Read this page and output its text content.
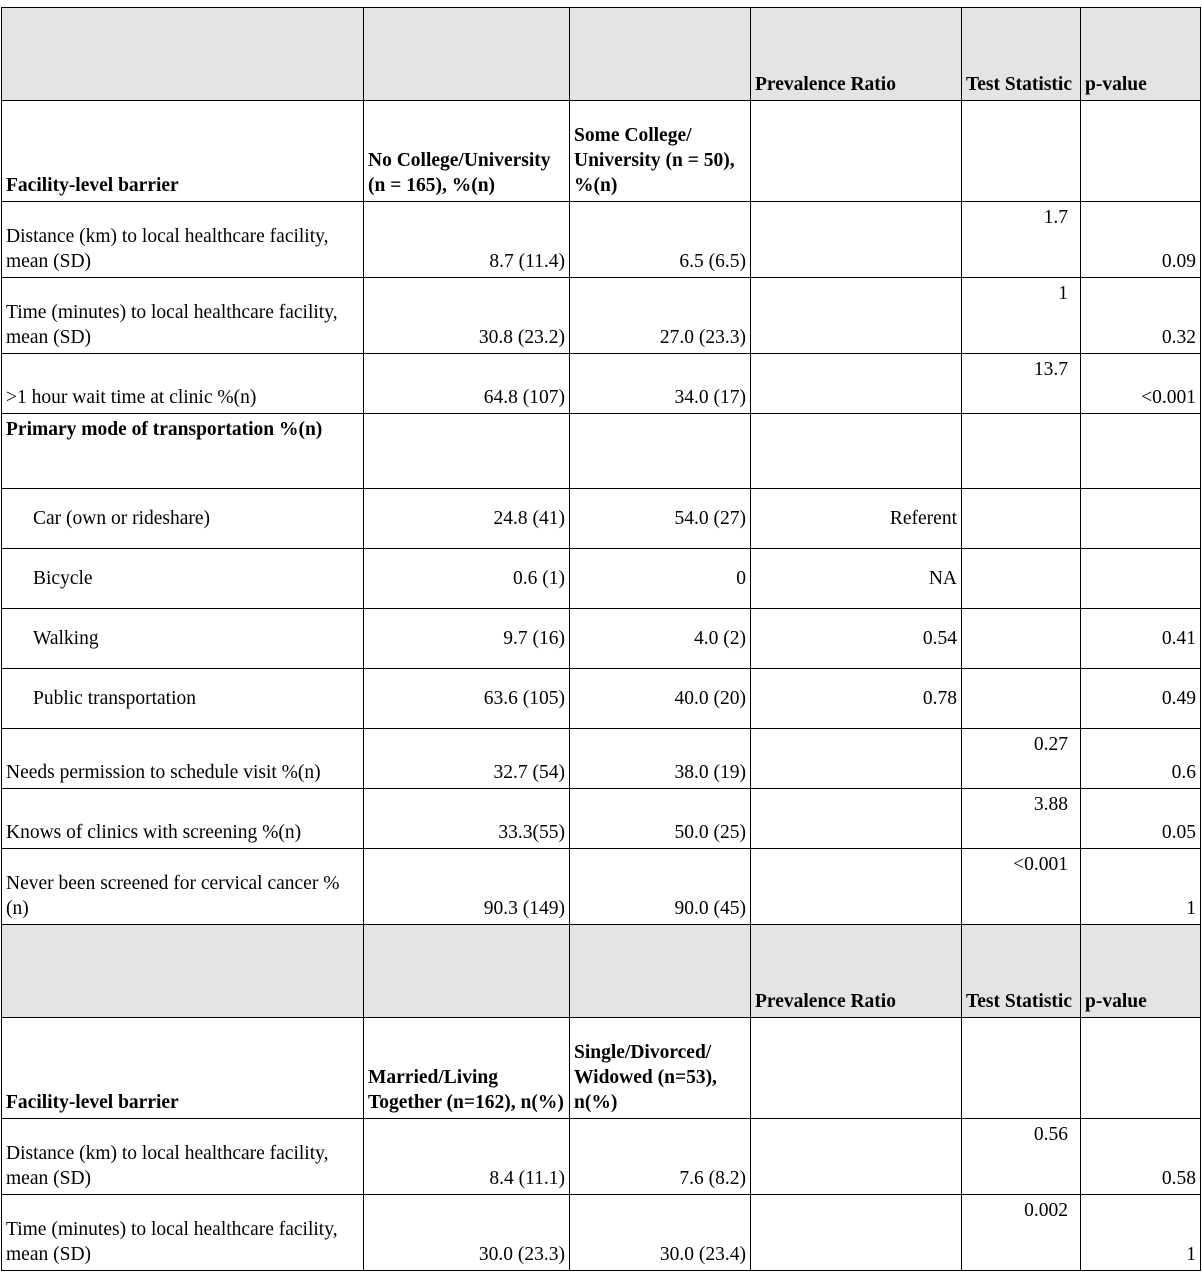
			Prevalence Ratio	Test Statistic	p-value
Facility-level barrier	No College/University (n = 165), %(n)	Some College/ University (n = 50), %(n)			
Distance (km) to local healthcare facility, mean (SD)	8.7 (11.4)	6.5 (6.5)		1.7	0.09
Time (minutes) to local healthcare facility, mean (SD)	30.8 (23.2)	27.0 (23.3)		1	0.32
>1 hour wait time at clinic %(n)	64.8 (107)	34.0 (17)		13.7	<0.001
Primary mode of transportation %(n)					
Car (own or rideshare)	24.8 (41)	54.0 (27)	Referent		
Bicycle	0.6 (1)	0	NA		
Walking	9.7 (16)	4.0 (2)	0.54		0.41
Public transportation	63.6 (105)	40.0 (20)	0.78		0.49
Needs permission to schedule visit %(n)	32.7 (54)	38.0 (19)		0.27	0.6
Knows of clinics with screening %(n)	33.3(55)	50.0 (25)		3.88	0.05
Never been screened for cervical cancer %(n)	90.3 (149)	90.0 (45)		<0.001	1
			Prevalence Ratio	Test Statistic	p-value
Facility-level barrier	Married/Living Together (n=162), n(%)	Single/Divorced/ Widowed (n=53), n(%)			
Distance (km) to local healthcare facility, mean (SD)	8.4 (11.1)	7.6 (8.2)		0.56	0.58
Time (minutes) to local healthcare facility, mean (SD)	30.0 (23.3)	30.0 (23.4)		0.002	1
